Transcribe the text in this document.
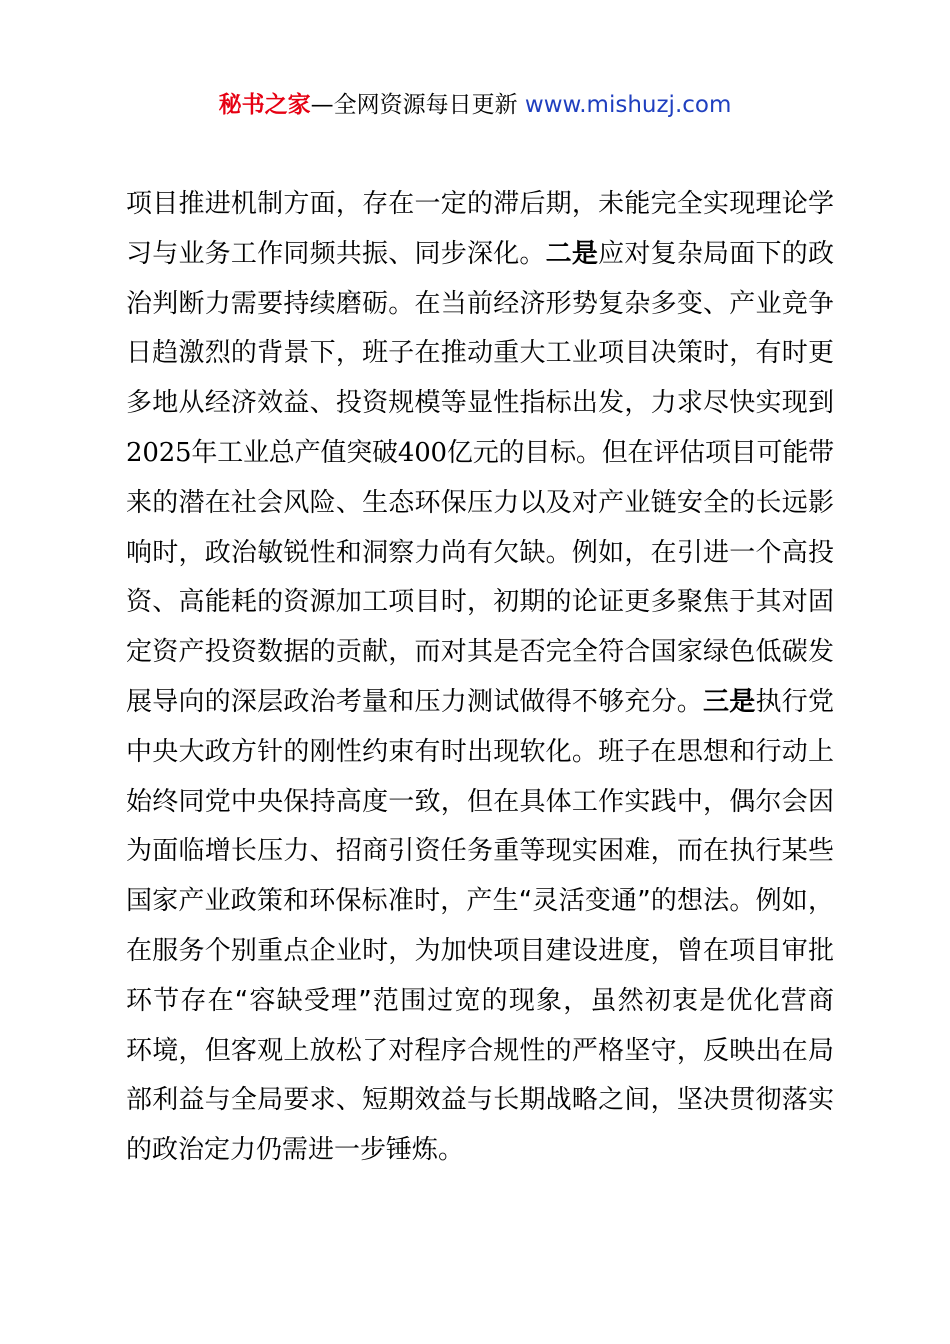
秘书之家—全网资源每日更新 www.mishuzj.com
项目推进机制方面，存在一定的滞后期，未能完全实现理论学
习与业务工作同频共振、同步深化。二是应对复杂局面下的政
治判断力需要持续磨砺。在当前经济形势复杂多变、产业竞争
日趋激烈的背景下，班子在推动重大工业项目决策时，有时更
多地从经济效益、投资规模等显性指标出发，力求尽快实现到
2025年工业总产值突破400亿元的目标。但在评估项目可能带
来的潜在社会风险、生态环保压力以及对产业链安全的长远影
响时，政治敏锐性和洞察力尚有欠缺。例如，在引进一个高投
资、高能耗的资源加工项目时，初期的论证更多聚焦于其对固
定资产投资数据的贡献，而对其是否完全符合国家绿色低碳发
展导向的深层政治考量和压力测试做得不够充分。三是执行党
中央大政方针的刚性约束有时出现软化。班子在思想和行动上
始终同党中央保持高度一致，但在具体工作实践中，偶尔会因
为面临增长压力、招商引资任务重等现实困难，而在执行某些
国家产业政策和环保标准时，产生“灵活变通”的想法。例如，
在服务个别重点企业时，为加快项目建设进度，曾在项目审批
环节存在“容缺受理”范围过宽的现象，虽然初衷是优化营商
环境，但客观上放松了对程序合规性的严格坚守，反映出在局
部利益与全局要求、短期效益与长期战略之间，坚决贯彻落实
的政治定力仍需进一步锤炼。
